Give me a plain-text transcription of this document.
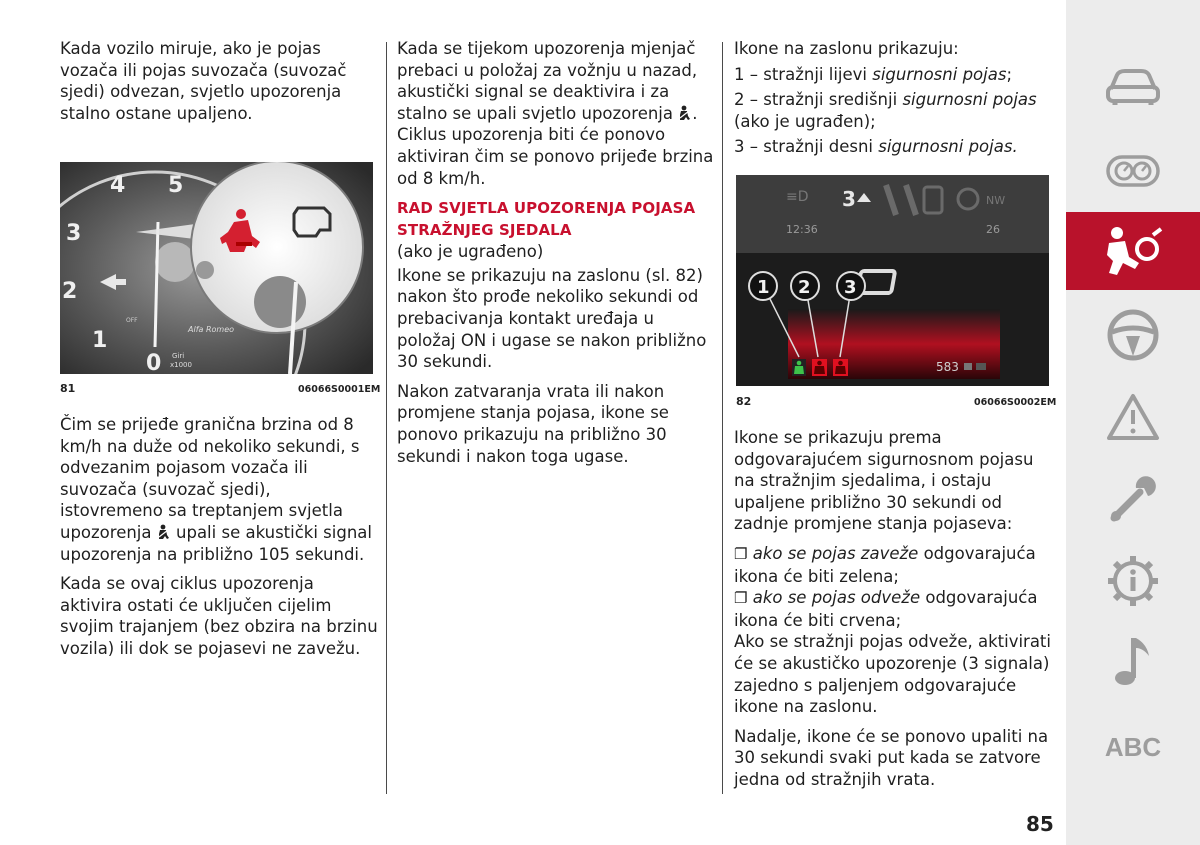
Kada vozilo miruje, ako je pojas vozača ili pojas suvozača (suvozač sjedi) odvezan, svjetlo upozorenja stalno ostane upaljeno.

4 5
3
2
1
0 Giri
x1000
Alfa Romeo
OFF
81	06066S0001EM

Čim se prijeđe granična brzina od 8 km/h na duže od nekoliko sekundi, s odvezanim pojasom vozača ili suvozača (suvozač sjedi), istovremeno sa treptanjem svjetla upozorenja upali se akustički signal upozorenja na približno 105 sekundi.

Kada se ovaj ciklus upozorenja aktivira ostati će uključen cijelim svojim trajanjem (bez obzira na brzinu vozila) ili dok se pojasevi ne zavežu.

Kada se tijekom upozorenja mjenjač prebaci u položaj za vožnju u nazad, akustički signal se deaktivira i za stalno se upali svjetlo upozorenja . Ciklus upozorenja biti će ponovo aktiviran čim se ponovo prijeđe brzina od 8 km/h.

RAD SVJETLA UPOZORENJA POJASA STRAŽNJEG SJEDALA

(ako je ugrađeno)

Ikone se prikazuju na zaslonu (sl. 82) nakon što prođe nekoliko sekundi od prebacivanja kontakt uređaja u položaj ON i ugase se nakon približno 30 sekundi.

Nakon zatvaranja vrata ili nakon promjene stanja pojasa, ikone se ponovo prikazuju na približno 30 sekundi i nakon toga ugase.

Ikone na zaslonu prikazuju:

1 – stražnji lijevi sigurnosni pojas;

2 – stražnji središnji sigurnosni pojas (ako je ugrađen);

3 – stražnji desni sigurnosni pojas.

≡D 3	NW
12:36	26
1 2 3
583
82	06066S0002EM

Ikone se prikazuju prema odgovarajućem sigurnosnom pojasu na stražnjim sjedalima, i ostaju upaljene približno 30 sekundi od zadnje promjene stanja pojaseva:

❐ ako se pojas zaveže odgovarajuća ikona će biti zelena;
❐ ako se pojas odveže odgovarajuća ikona će biti crvena;

Ako se stražnji pojas odveže, aktivirati će se akustičko upozorenje (3 signala) zajedno s paljenjem odgovarajuće ikone na zaslonu.

Nadalje, ikone će se ponovo upaliti na 30 sekundi svaki put kada se zatvore jedna od stražnjih vrata.

ABC
85
